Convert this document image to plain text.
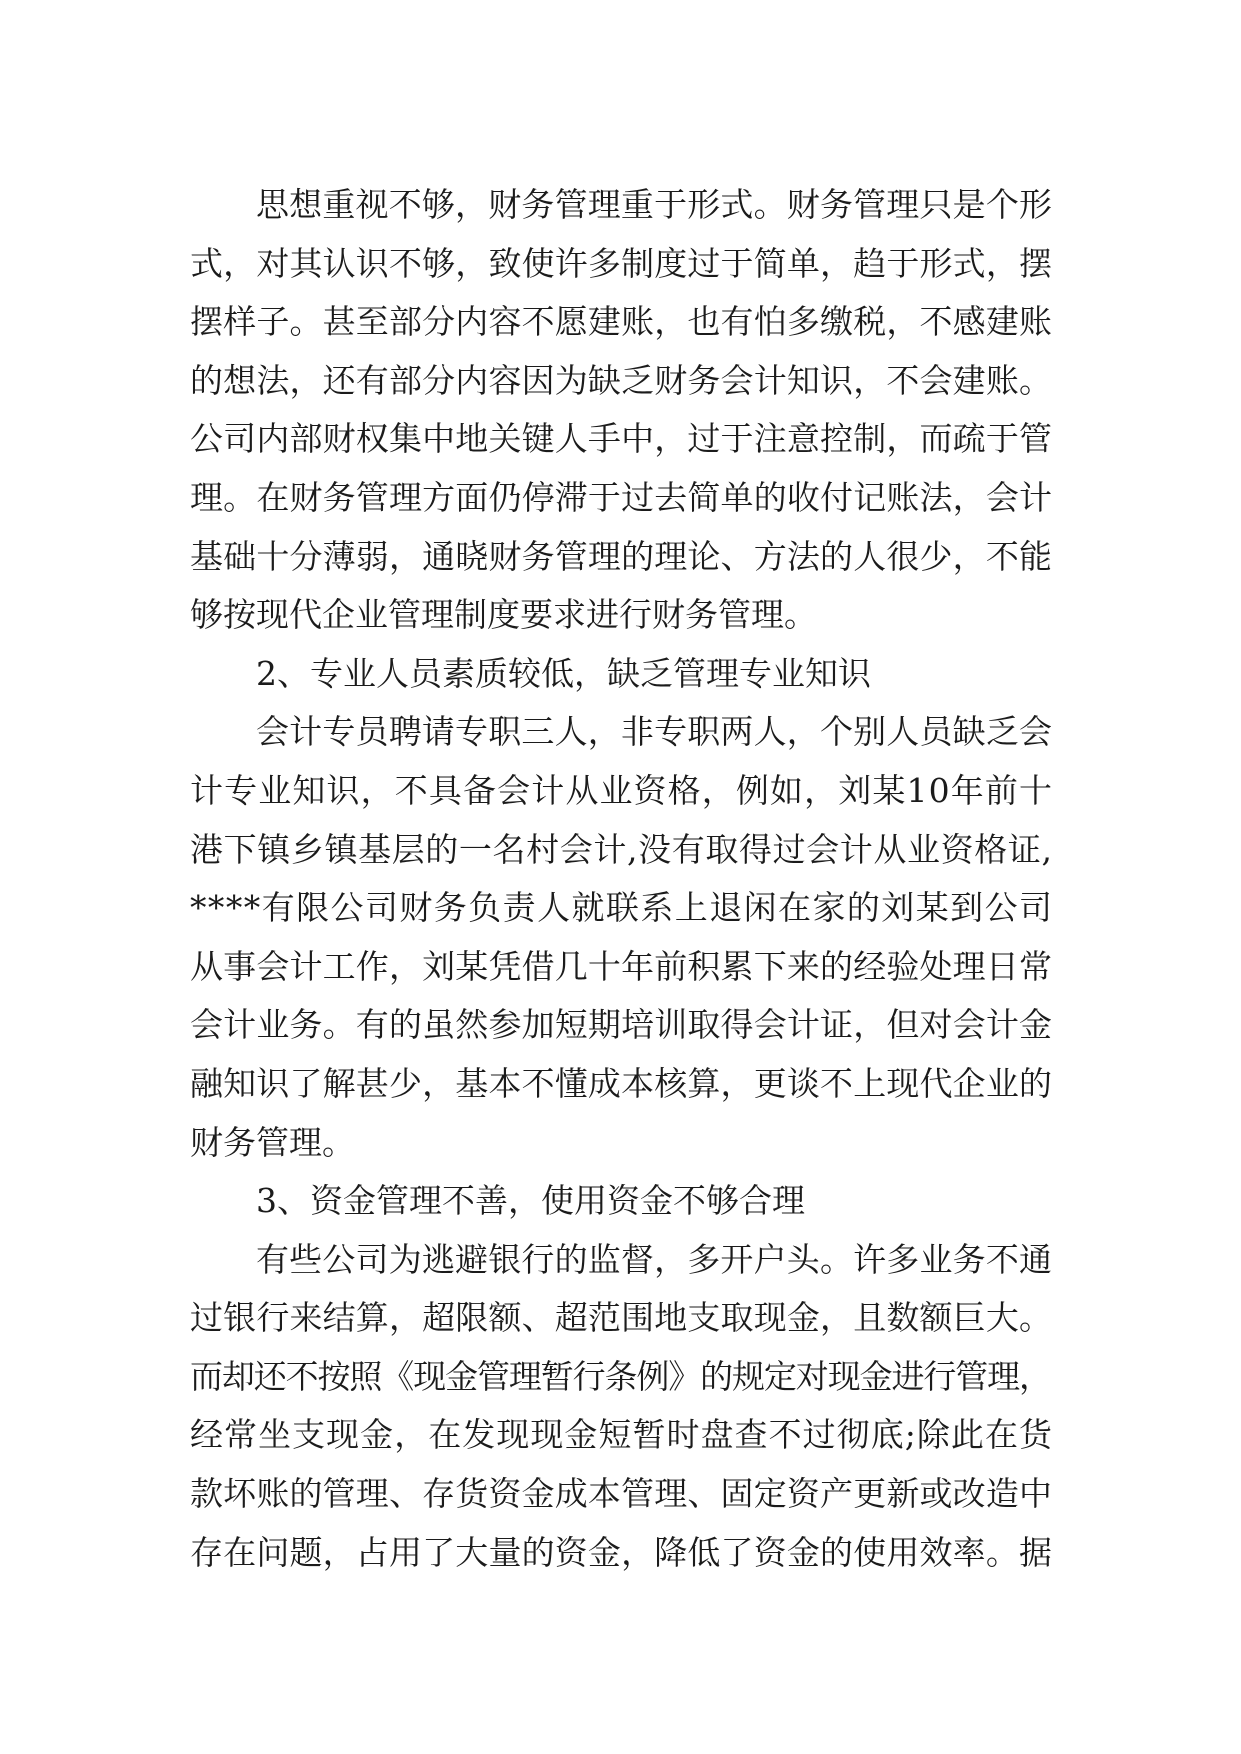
思想重视不够，财务管理重于形式。财务管理只是个形
式，对其认识不够，致使许多制度过于简单，趋于形式，摆
摆样子。甚至部分内容不愿建账，也有怕多缴税，不感建账
的想法，还有部分内容因为缺乏财务会计知识，不会建账。
公司内部财权集中地关键人手中，过于注意控制，而疏于管
理。在财务管理方面仍停滞于过去简单的收付记账法，会计
基础十分薄弱，通晓财务管理的理论、方法的人很少，不能
够按现代企业管理制度要求进行财务管理。
2、专业人员素质较低，缺乏管理专业知识
会计专员聘请专职三人，非专职两人，个别人员缺乏会
计专业知识，不具备会计从业资格，例如，刘某10年前十
港下镇乡镇基层的一名村会计,没有取得过会计从业资格证,
****有限公司财务负责人就联系上退闲在家的刘某到公司
从事会计工作，刘某凭借几十年前积累下来的经验处理日常
会计业务。有的虽然参加短期培训取得会计证，但对会计金
融知识了解甚少，基本不懂成本核算，更谈不上现代企业的
财务管理。
3、资金管理不善，使用资金不够合理
有些公司为逃避银行的监督，多开户头。许多业务不通
过银行来结算，超限额、超范围地支取现金，且数额巨大。
而却还不按照《现金管理暂行条例》的规定对现金进行管理，
经常坐支现金，在发现现金短暂时盘查不过彻底;除此在货
款坏账的管理、存货资金成本管理、固定资产更新或改造中
存在问题，占用了大量的资金，降低了资金的使用效率。据
